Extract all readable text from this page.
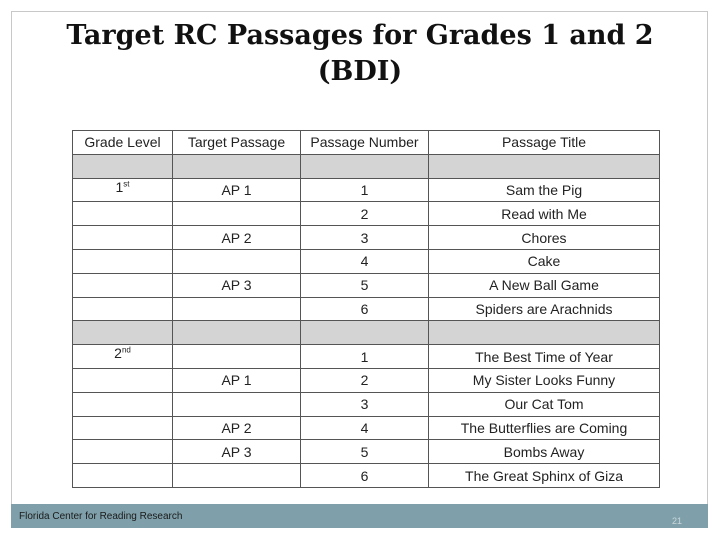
Target RC Passages for Grades 1 and 2
(BDI)
Grade Level	Target Passage	Passage Number	Passage Title

1st	AP 1	1	Sam the Pig
		2	Read with Me
	AP 2	3	Chores
		4	Cake
	AP 3	5	A New Ball Game
		6	Spiders are Arachnids

2nd		1	The Best Time of Year
	AP 1	2	My Sister Looks Funny
		3	Our Cat Tom
	AP 2	4	The Butterflies are Coming
	AP 3	5	Bombs Away
		6	The Great Sphinx of Giza
Florida Center for Reading Research	21
